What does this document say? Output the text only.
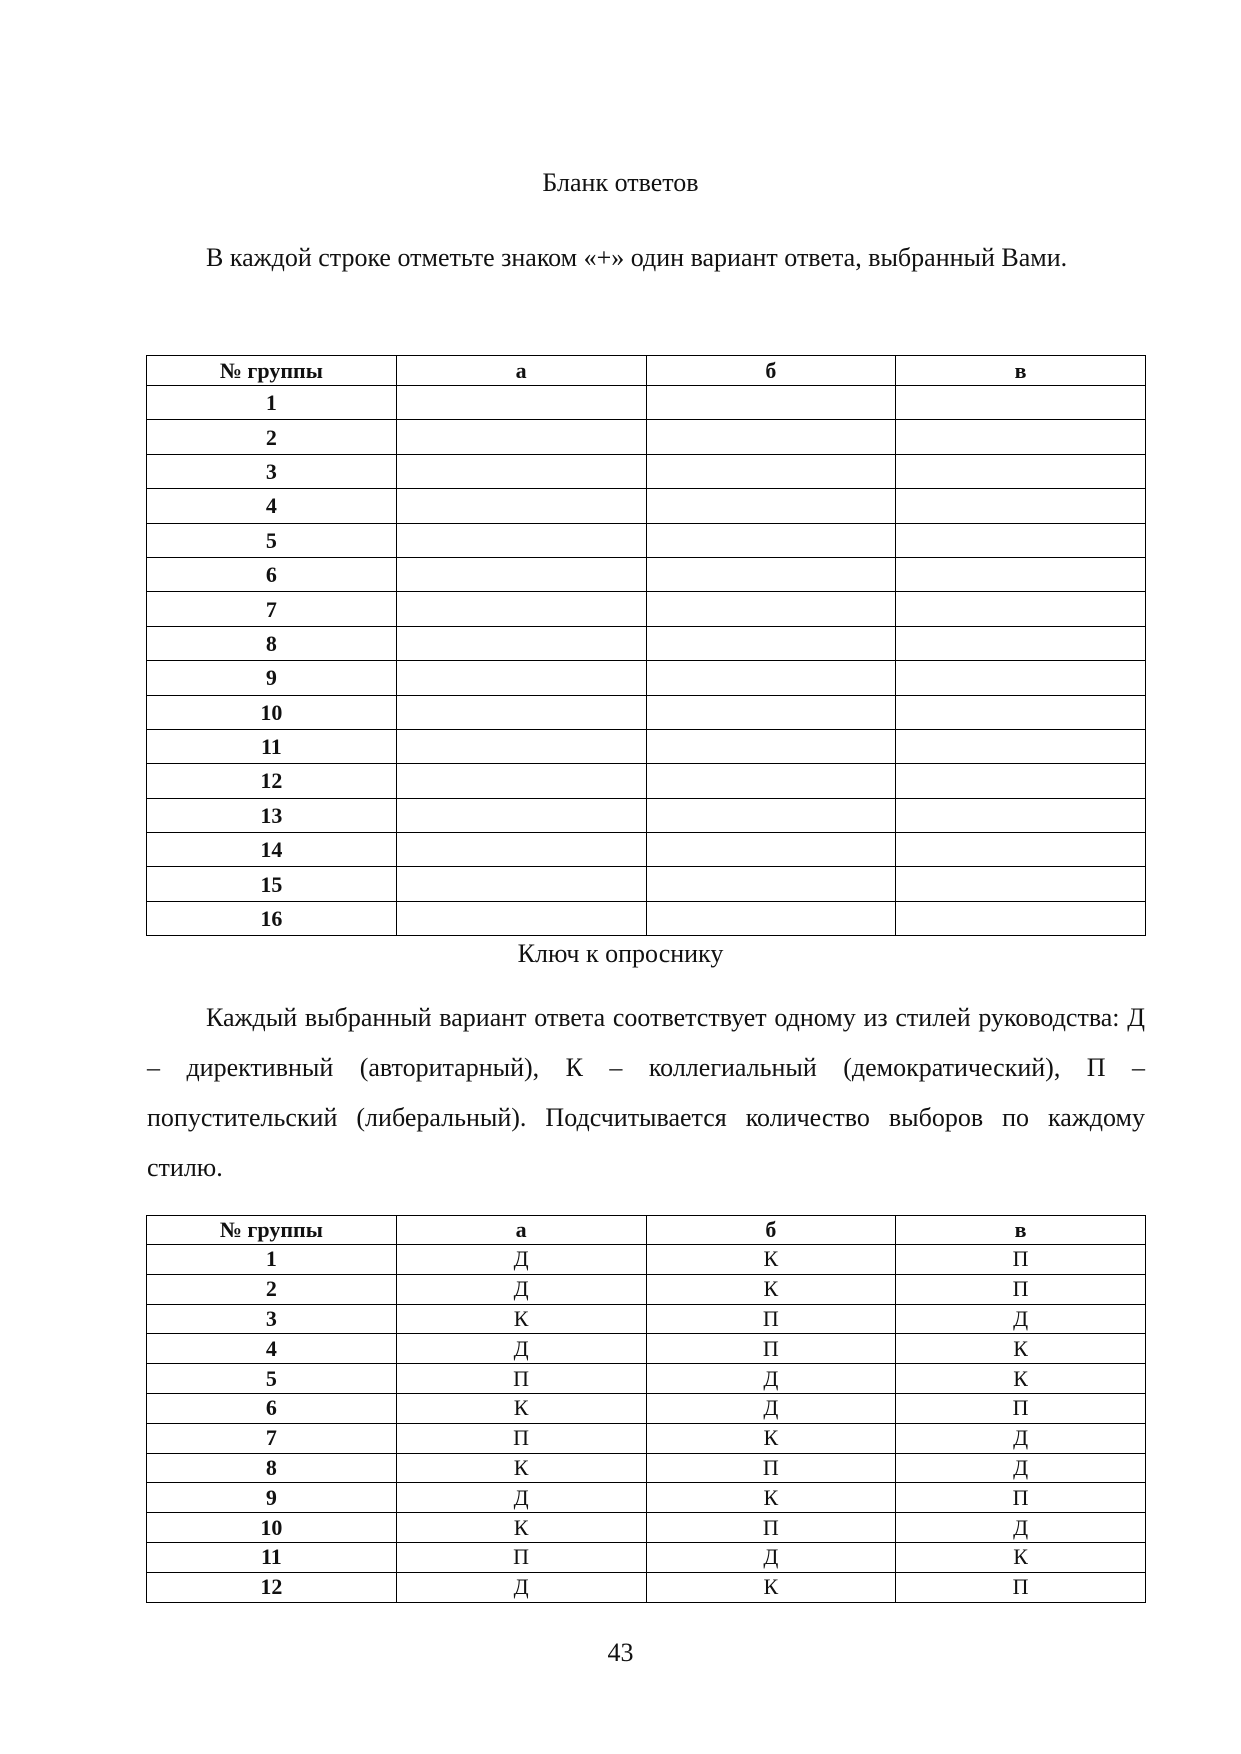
Бланк ответов
В каждой строке отметьте знаком «+» один вариант ответа, выбранный Вами.
№ группы	а	б	в
1			
2			
3			
4			
5			
6			
7			
8			
9			
10			
11			
12			
13			
14			
15			
16			
Ключ к опроснику
Каждый выбранный вариант ответа соответствует одному из стилей руководства: Д – директивный (авторитарный), К – коллегиальный (демократический), П – попустительский (либеральный). Подсчитывается количество выборов по каждому стилю.
№ группы	а	б	в
1	Д	К	П
2	Д	К	П
3	К	П	Д
4	Д	П	К
5	П	Д	К
6	К	Д	П
7	П	К	Д
8	К	П	Д
9	Д	К	П
10	К	П	Д
11	П	Д	К
12	Д	К	П
43
